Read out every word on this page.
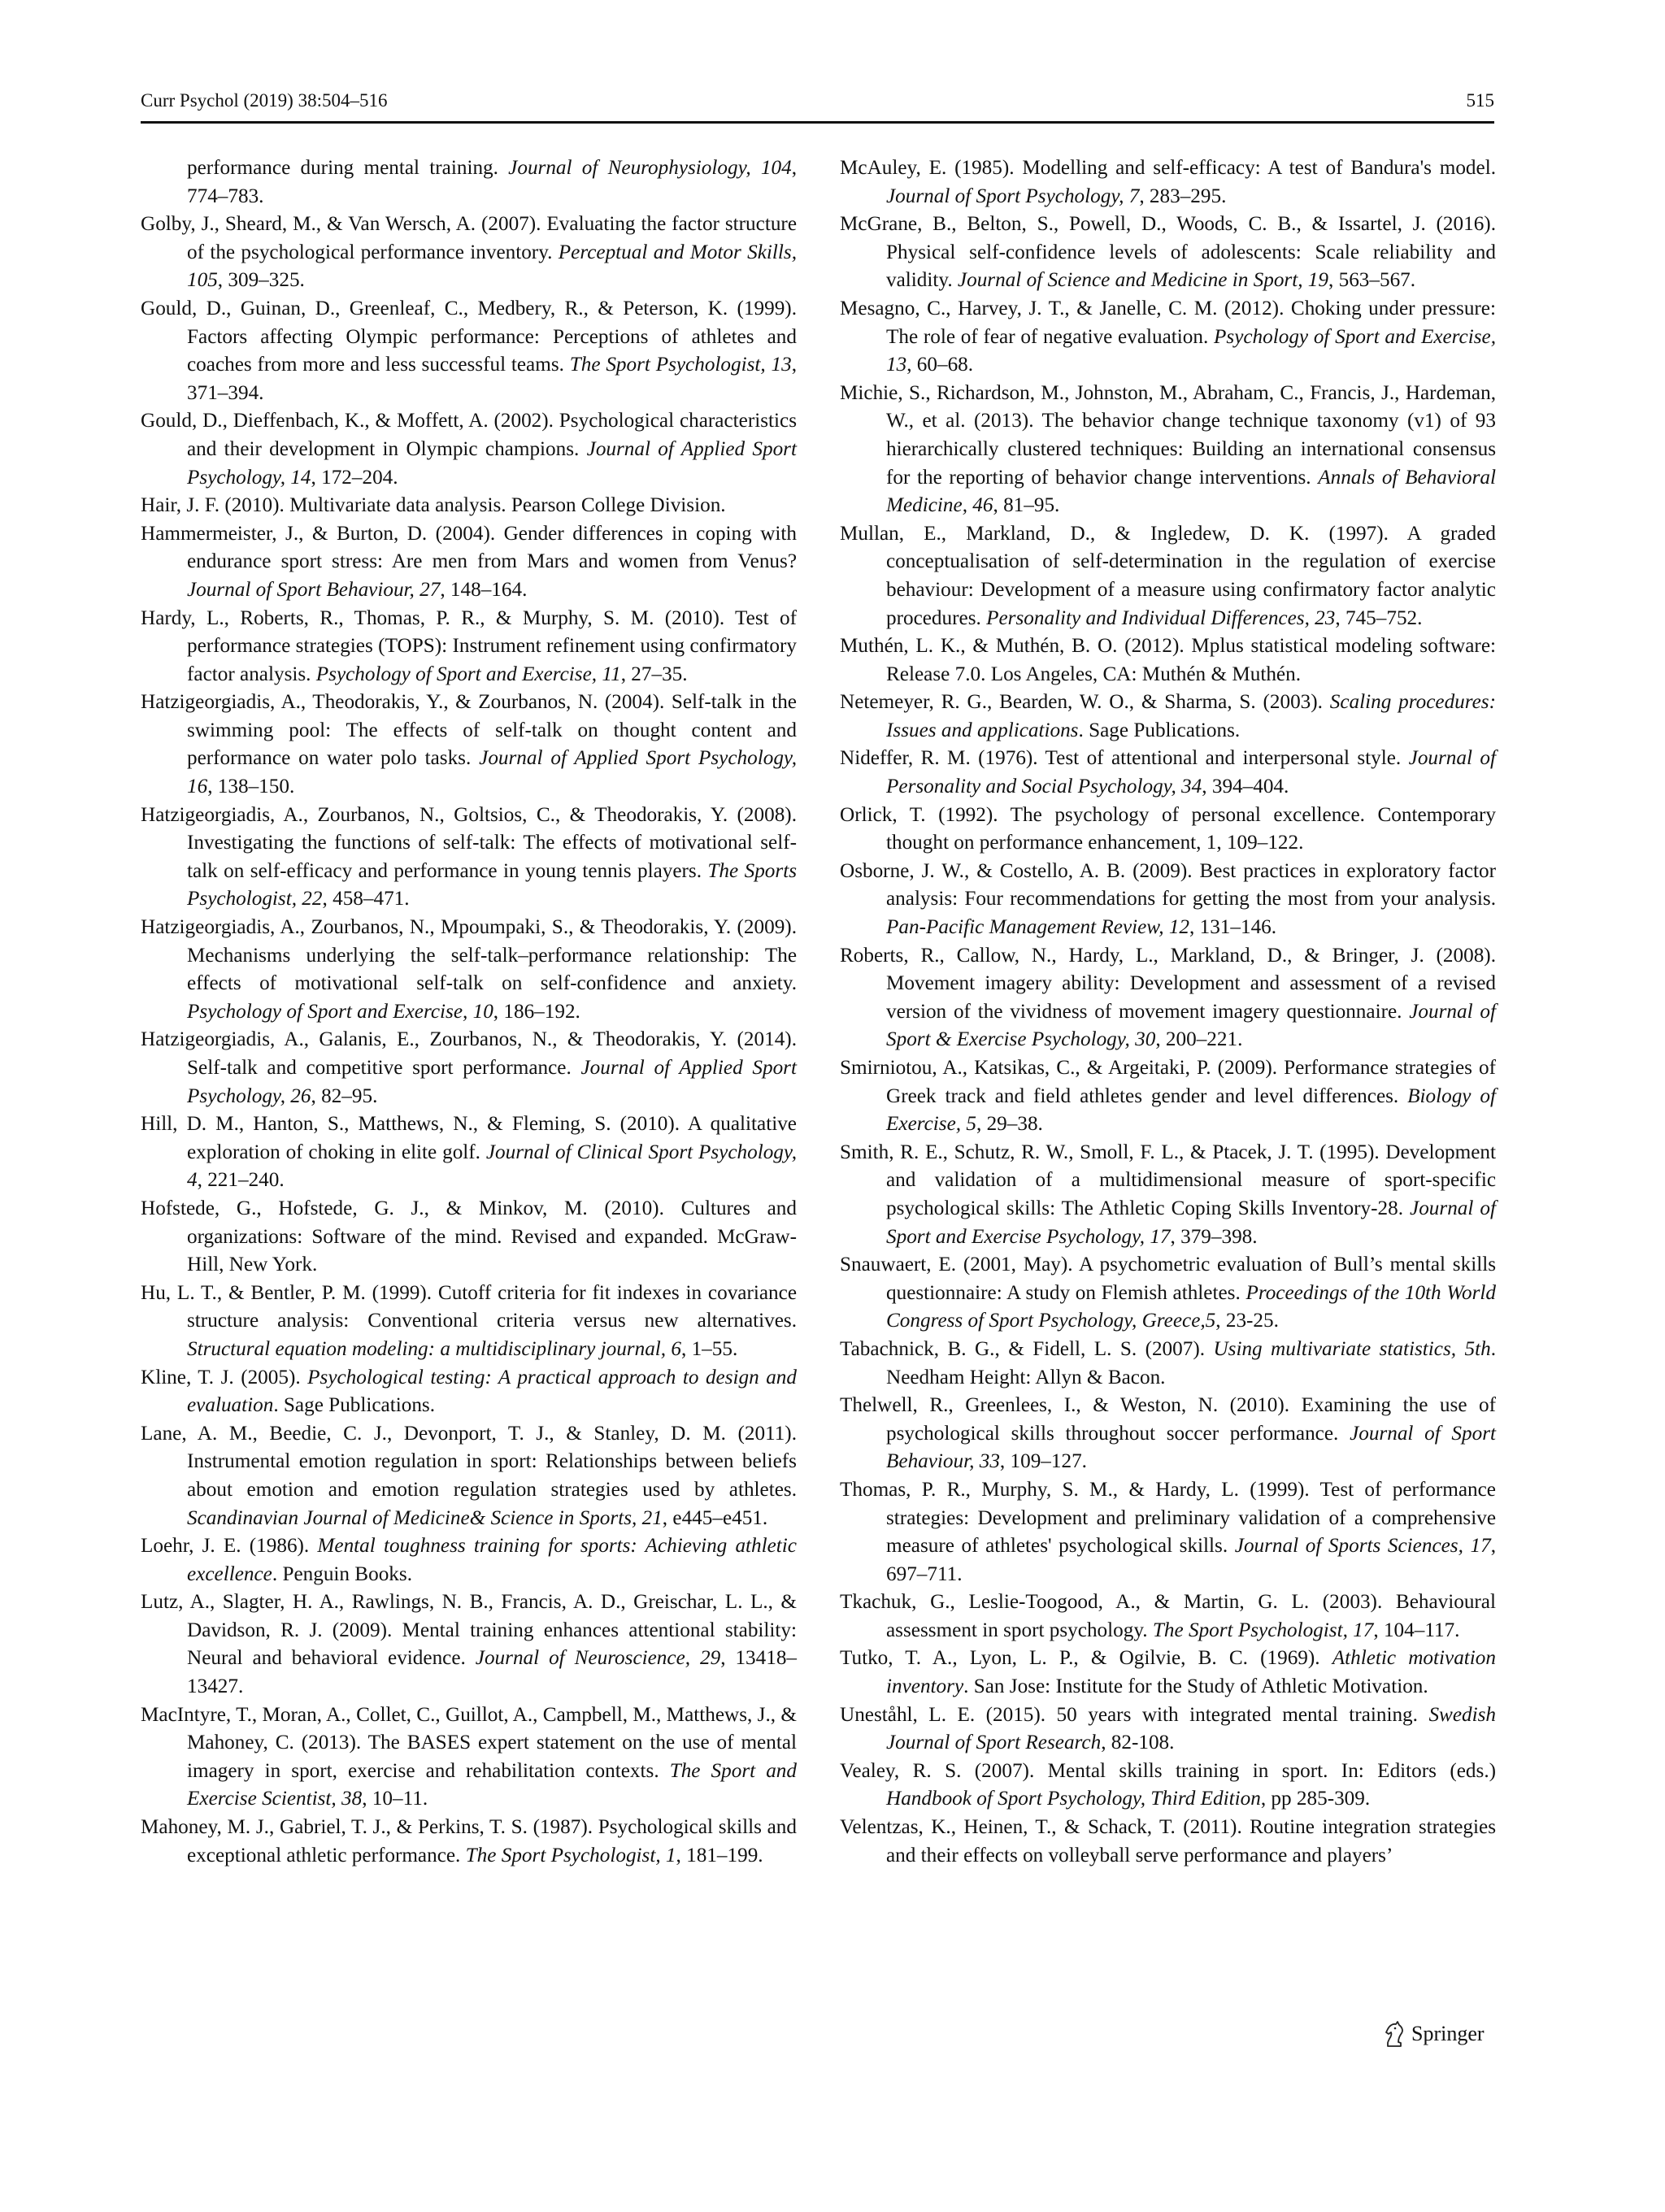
Curr Psychol (2019) 38:504–516	515

performance during mental training. Journal of Neurophysiology, 104, 774–783.

Golby, J., Sheard, M., & Van Wersch, A. (2007). Evaluating the factor structure of the psychological performance inventory. Perceptual and Motor Skills, 105, 309–325.

Gould, D., Guinan, D., Greenleaf, C., Medbery, R., & Peterson, K. (1999). Factors affecting Olympic performance: Perceptions of athletes and coaches from more and less successful teams. The Sport Psychologist, 13, 371–394.

Gould, D., Dieffenbach, K., & Moffett, A. (2002). Psychological characteristics and their development in Olympic champions. Journal of Applied Sport Psychology, 14, 172–204.

Hair, J. F. (2010). Multivariate data analysis. Pearson College Division.

Hammermeister, J., & Burton, D. (2004). Gender differences in coping with endurance sport stress: Are men from Mars and women from Venus? Journal of Sport Behaviour, 27, 148–164.

Hardy, L., Roberts, R., Thomas, P. R., & Murphy, S. M. (2010). Test of performance strategies (TOPS): Instrument refinement using confirmatory factor analysis. Psychology of Sport and Exercise, 11, 27–35.

Hatzigeorgiadis, A., Theodorakis, Y., & Zourbanos, N. (2004). Self-talk in the swimming pool: The effects of self-talk on thought content and performance on water polo tasks. Journal of Applied Sport Psychology, 16, 138–150.

Hatzigeorgiadis, A., Zourbanos, N., Goltsios, C., & Theodorakis, Y. (2008). Investigating the functions of self-talk: The effects of motivational self-talk on self-efficacy and performance in young tennis players. The Sports Psychologist, 22, 458–471.

Hatzigeorgiadis, A., Zourbanos, N., Mpoumpaki, S., & Theodorakis, Y. (2009). Mechanisms underlying the self-talk–performance relationship: The effects of motivational self-talk on self-confidence and anxiety. Psychology of Sport and Exercise, 10, 186–192.

Hatzigeorgiadis, A., Galanis, E., Zourbanos, N., & Theodorakis, Y. (2014). Self-talk and competitive sport performance. Journal of Applied Sport Psychology, 26, 82–95.

Hill, D. M., Hanton, S., Matthews, N., & Fleming, S. (2010). A qualitative exploration of choking in elite golf. Journal of Clinical Sport Psychology, 4, 221–240.

Hofstede, G., Hofstede, G. J., & Minkov, M. (2010). Cultures and organizations: Software of the mind. Revised and expanded. McGraw-Hill, New York.

Hu, L. T., & Bentler, P. M. (1999). Cutoff criteria for fit indexes in covariance structure analysis: Conventional criteria versus new alternatives. Structural equation modeling: a multidisciplinary journal, 6, 1–55.

Kline, T. J. (2005). Psychological testing: A practical approach to design and evaluation. Sage Publications.

Lane, A. M., Beedie, C. J., Devonport, T. J., & Stanley, D. M. (2011). Instrumental emotion regulation in sport: Relationships between beliefs about emotion and emotion regulation strategies used by athletes. Scandinavian Journal of Medicine& Science in Sports, 21, e445–e451.

Loehr, J. E. (1986). Mental toughness training for sports: Achieving athletic excellence. Penguin Books.

Lutz, A., Slagter, H. A., Rawlings, N. B., Francis, A. D., Greischar, L. L., & Davidson, R. J. (2009). Mental training enhances attentional stability: Neural and behavioral evidence. Journal of Neuroscience, 29, 13418–13427.

MacIntyre, T., Moran, A., Collet, C., Guillot, A., Campbell, M., Matthews, J., & Mahoney, C. (2013). The BASES expert statement on the use of mental imagery in sport, exercise and rehabilitation contexts. The Sport and Exercise Scientist, 38, 10–11.

Mahoney, M. J., Gabriel, T. J., & Perkins, T. S. (1987). Psychological skills and exceptional athletic performance. The Sport Psychologist, 1, 181–199.

McAuley, E. (1985). Modelling and self-efficacy: A test of Bandura's model. Journal of Sport Psychology, 7, 283–295.

McGrane, B., Belton, S., Powell, D., Woods, C. B., & Issartel, J. (2016). Physical self-confidence levels of adolescents: Scale reliability and validity. Journal of Science and Medicine in Sport, 19, 563–567.

Mesagno, C., Harvey, J. T., & Janelle, C. M. (2012). Choking under pressure: The role of fear of negative evaluation. Psychology of Sport and Exercise, 13, 60–68.

Michie, S., Richardson, M., Johnston, M., Abraham, C., Francis, J., Hardeman, W., et al. (2013). The behavior change technique taxonomy (v1) of 93 hierarchically clustered techniques: Building an international consensus for the reporting of behavior change interventions. Annals of Behavioral Medicine, 46, 81–95.

Mullan, E., Markland, D., & Ingledew, D. K. (1997). A graded conceptualisation of self-determination in the regulation of exercise behaviour: Development of a measure using confirmatory factor analytic procedures. Personality and Individual Differences, 23, 745–752.

Muthén, L. K., & Muthén, B. O. (2012). Mplus statistical modeling software: Release 7.0. Los Angeles, CA: Muthén & Muthén.

Netemeyer, R. G., Bearden, W. O., & Sharma, S. (2003). Scaling procedures: Issues and applications. Sage Publications.

Nideffer, R. M. (1976). Test of attentional and interpersonal style. Journal of Personality and Social Psychology, 34, 394–404.

Orlick, T. (1992). The psychology of personal excellence. Contemporary thought on performance enhancement, 1, 109–122.

Osborne, J. W., & Costello, A. B. (2009). Best practices in exploratory factor analysis: Four recommendations for getting the most from your analysis. Pan-Pacific Management Review, 12, 131–146.

Roberts, R., Callow, N., Hardy, L., Markland, D., & Bringer, J. (2008). Movement imagery ability: Development and assessment of a revised version of the vividness of movement imagery questionnaire. Journal of Sport & Exercise Psychology, 30, 200–221.

Smirniotou, A., Katsikas, C., & Argeitaki, P. (2009). Performance strategies of Greek track and field athletes gender and level differences. Biology of Exercise, 5, 29–38.

Smith, R. E., Schutz, R. W., Smoll, F. L., & Ptacek, J. T. (1995). Development and validation of a multidimensional measure of sport-specific psychological skills: The Athletic Coping Skills Inventory-28. Journal of Sport and Exercise Psychology, 17, 379–398.

Snauwaert, E. (2001, May). A psychometric evaluation of Bull’s mental skills questionnaire: A study on Flemish athletes. Proceedings of the 10th World Congress of Sport Psychology, Greece,5, 23-25.

Tabachnick, B. G., & Fidell, L. S. (2007). Using multivariate statistics, 5th. Needham Height: Allyn & Bacon.

Thelwell, R., Greenlees, I., & Weston, N. (2010). Examining the use of psychological skills throughout soccer performance. Journal of Sport Behaviour, 33, 109–127.

Thomas, P. R., Murphy, S. M., & Hardy, L. (1999). Test of performance strategies: Development and preliminary validation of a comprehensive measure of athletes' psychological skills. Journal of Sports Sciences, 17, 697–711.

Tkachuk, G., Leslie-Toogood, A., & Martin, G. L. (2003). Behavioural assessment in sport psychology. The Sport Psychologist, 17, 104–117.

Tutko, T. A., Lyon, L. P., & Ogilvie, B. C. (1969). Athletic motivation inventory. San Jose: Institute for the Study of Athletic Motivation.

Uneståhl, L. E. (2015). 50 years with integrated mental training. Swedish Journal of Sport Research, 82-108.

Vealey, R. S. (2007). Mental skills training in sport. In: Editors (eds.) Handbook of Sport Psychology, Third Edition, pp 285-309.

Velentzas, K., Heinen, T., & Schack, T. (2011). Routine integration strategies and their effects on volleyball serve performance and players’

Springer
